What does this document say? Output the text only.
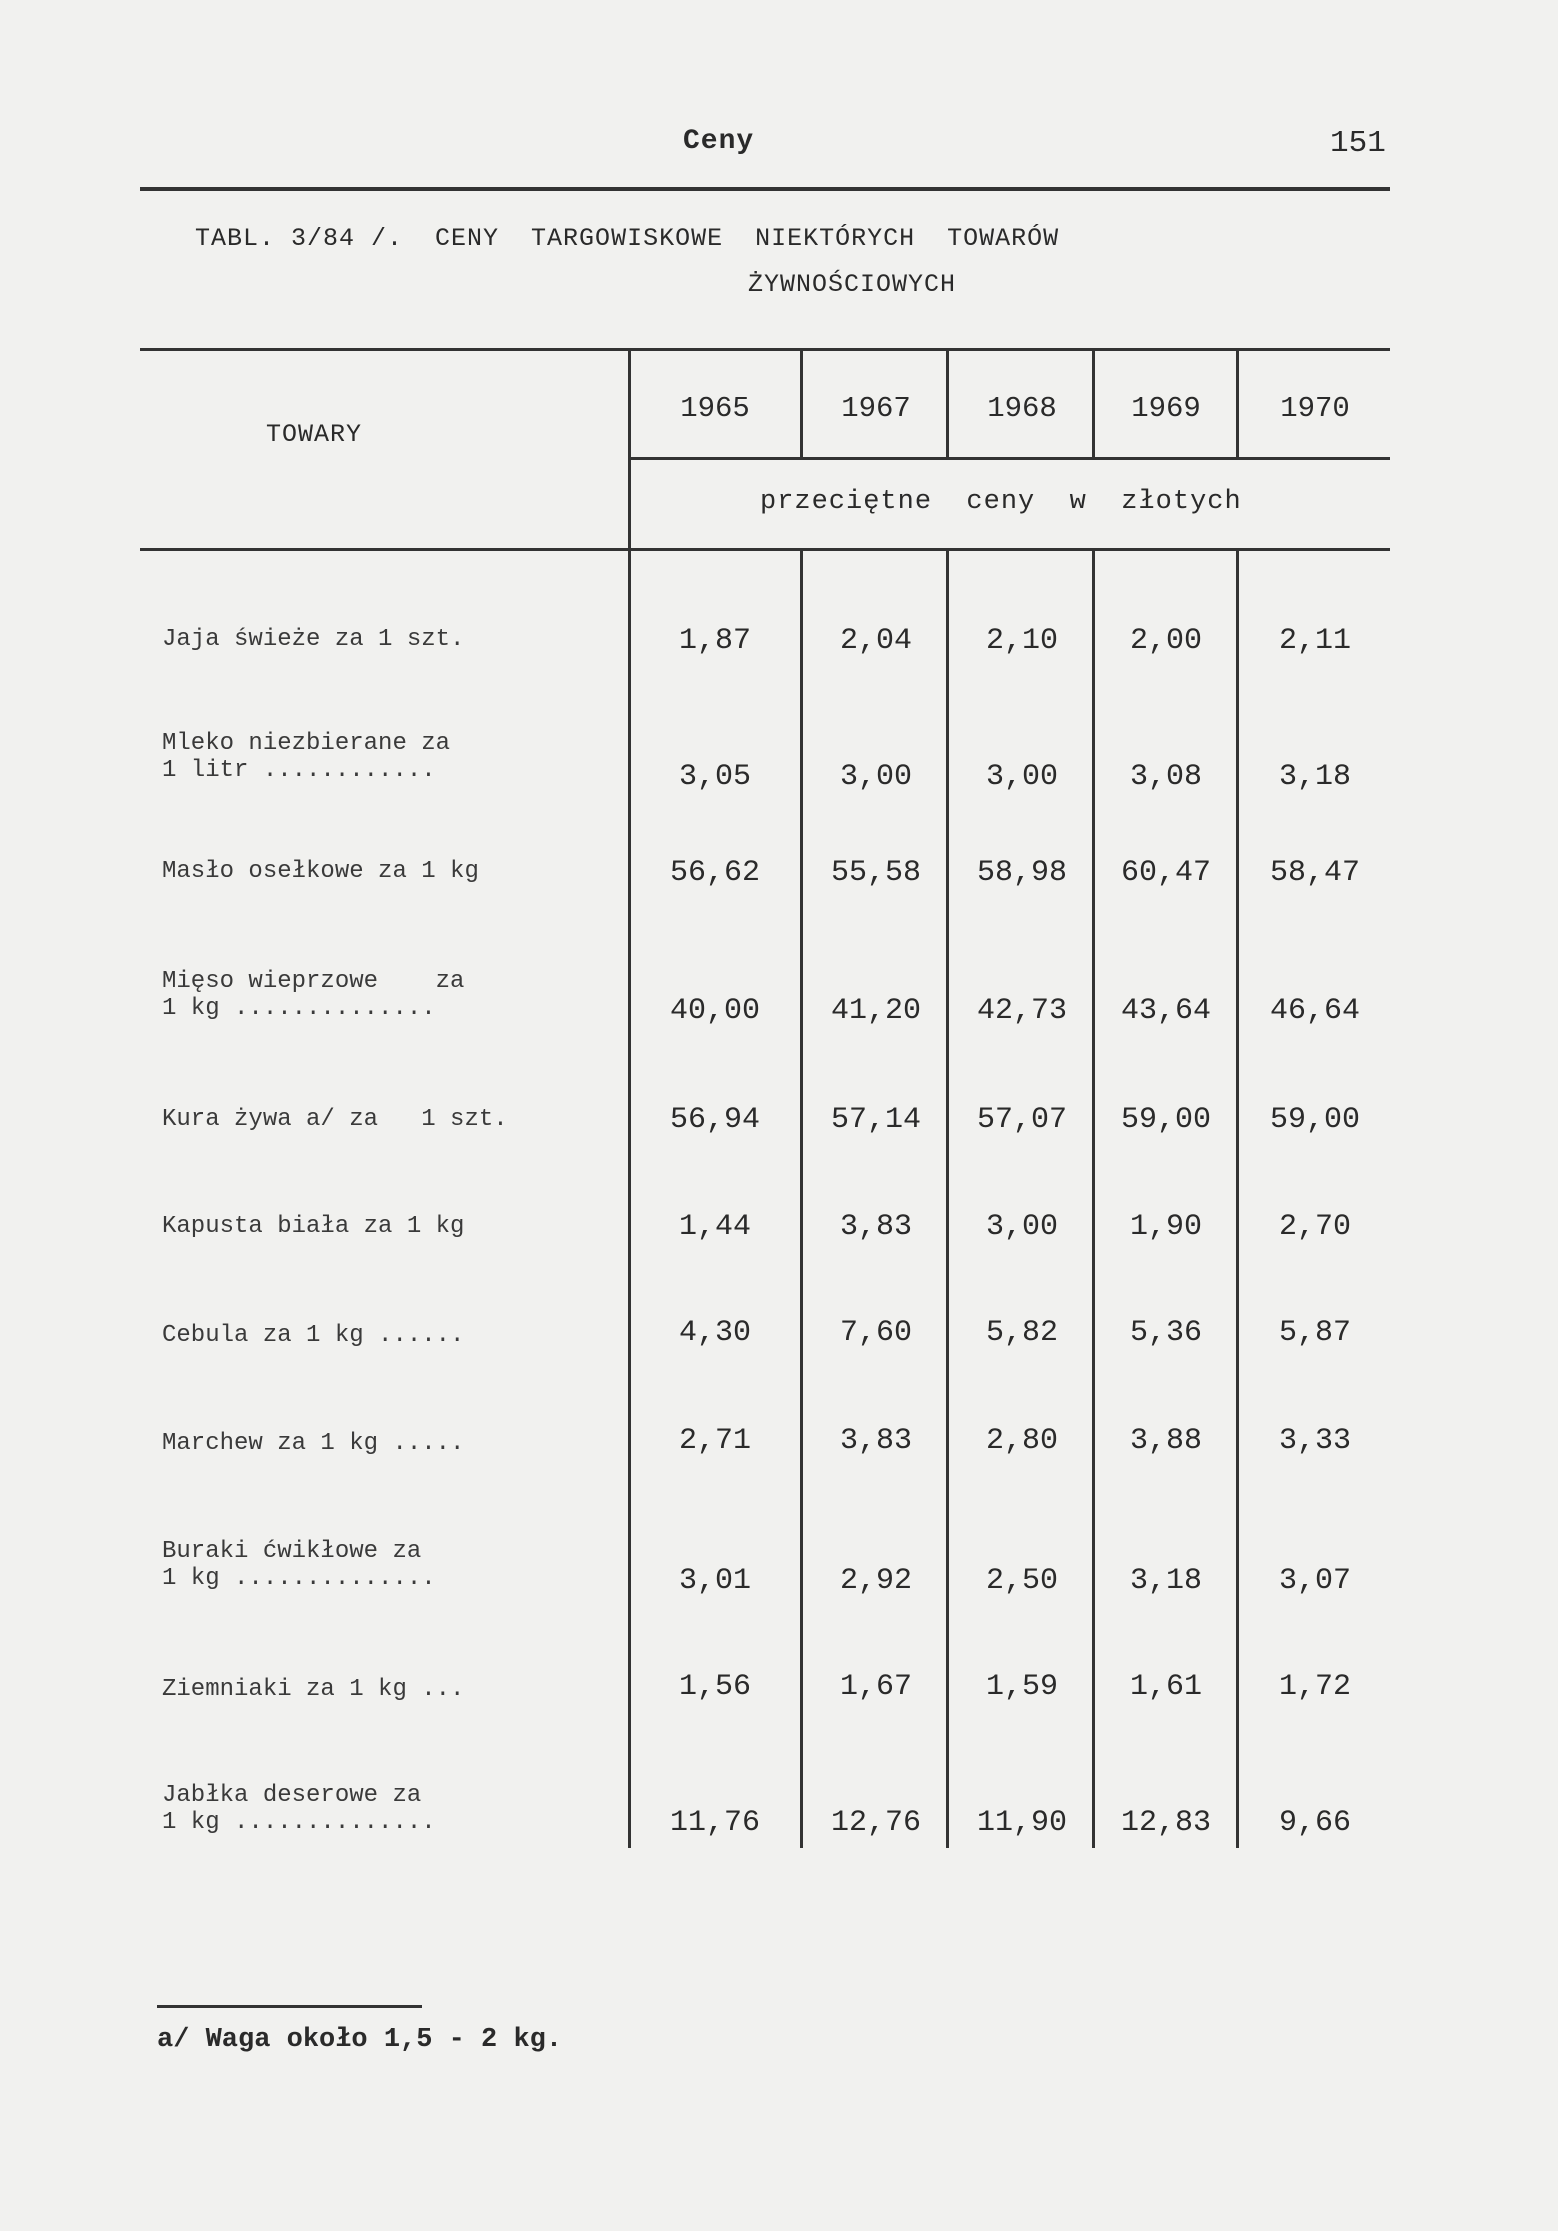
Ceny	151
TABL. 3/84 /.  CENY  TARGOWISKOWE  NIEKTÓRYCH  TOWARÓW
ŻYWNOŚCIOWYCH
TOWARY
1965	1967	1968	1969	1970
przeciętne  ceny  w  złotych
Jaja świeże za 1 szt.	1,87	2,04	2,10	2,00	2,11
Mleko niezbierane za
1 litr ............	3,05	3,00	3,00	3,08	3,18
Masło osełkowe za 1 kg	56,62	55,58	58,98	60,47	58,47
Mięso wieprzowe    za
1 kg ..............	40,00	41,20	42,73	43,64	46,64
Kura żywa a/ za   1 szt.	56,94	57,14	57,07	59,00	59,00
Kapusta biała za 1 kg	1,44	3,83	3,00	1,90	2,70
Cebula za 1 kg ......	4,30	7,60	5,82	5,36	5,87
Marchew za 1 kg .....	2,71	3,83	2,80	3,88	3,33
Buraki ćwikłowe za
1 kg ..............	3,01	2,92	2,50	3,18	3,07
Ziemniaki za 1 kg ...	1,56	1,67	1,59	1,61	1,72
Jabłka deserowe za
1 kg ..............	11,76	12,76	11,90	12,83	9,66
a/ Waga około 1,5 - 2 kg.
